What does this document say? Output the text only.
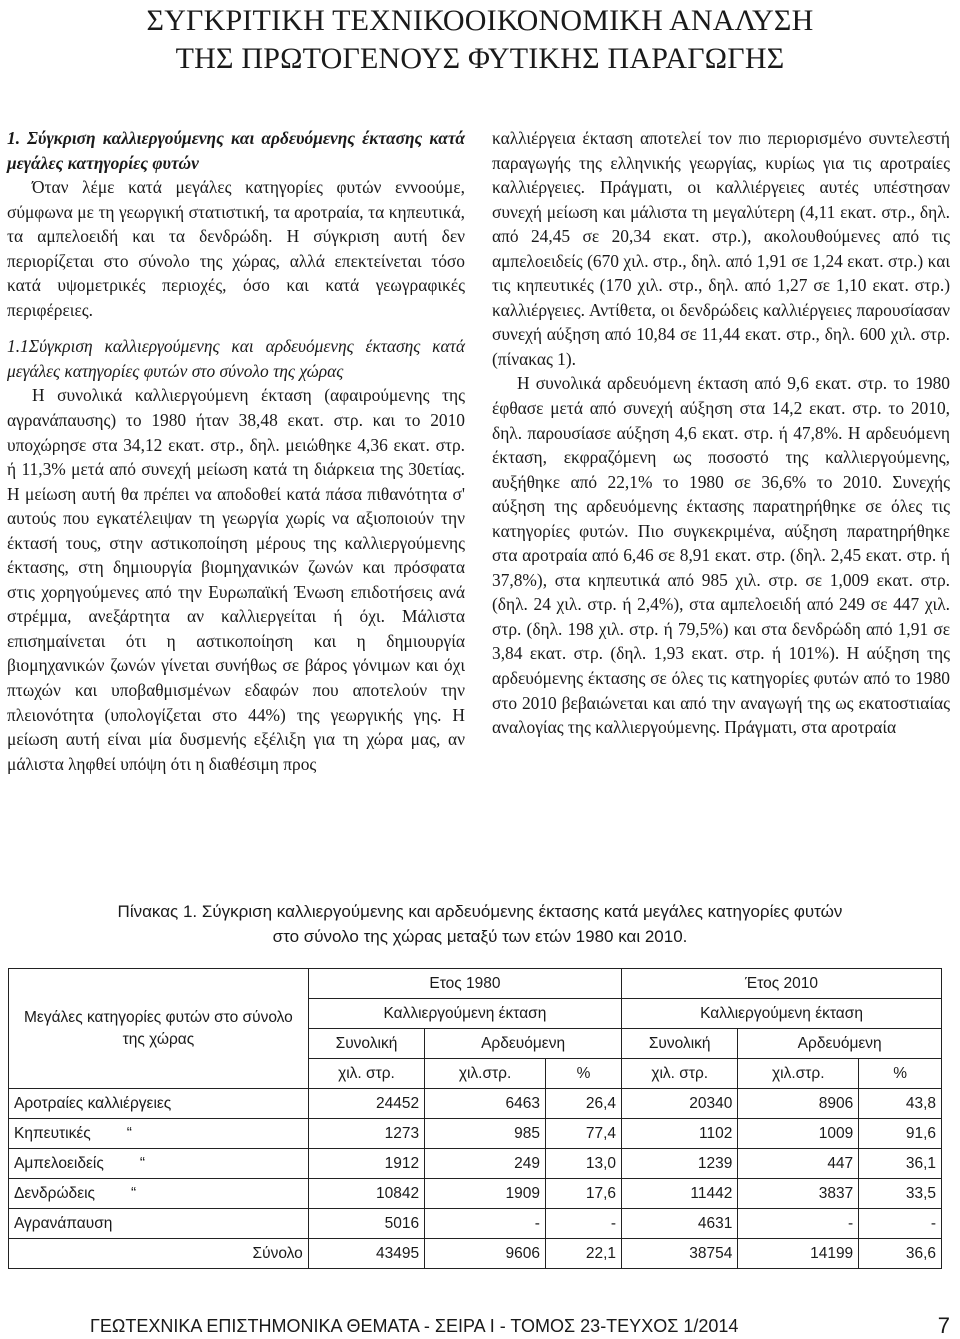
ΣΥΓΚΡΙΤΙΚΗ ΤΕΧΝΙΚΟΟΙΚΟΝΟΜΙΚΗ ΑΝΑΛΥΣΗ
ΤΗΣ ΠΡΩΤΟΓΕΝΟΥΣ ΦΥΤΙΚΗΣ ΠΑΡΑΓΩΓΗΣ

1. Σύγκριση καλλιεργούμενης και αρδευόμενης έκτασης κατά μεγάλες κατηγορίες φυτών

Όταν λέμε κατά μεγάλες κατηγορίες φυτών εννοούμε, σύμφωνα με τη γεωργική στατιστική, τα αροτραία, τα κηπευτικά, τα αμπελοειδή και τα δενδρώδη. Η σύγκριση αυτή δεν περιορίζεται στο σύνολο της χώρας, αλλά επεκτείνεται τόσο κατά υψομετρικές περιοχές, όσο και κατά γεωγραφικές περιφέρειες.

1.1Σύγκριση καλλιεργούμενης και αρδευόμενης έκτασης κατά μεγάλες κατηγορίες φυτών στο σύνολο της χώρας

Η συνολικά καλλιεργούμενη έκταση (αφαιρούμενης της αγρανάπαυσης) το 1980 ήταν 38,48 εκατ. στρ. και το 2010 υποχώρησε στα 34,12 εκατ. στρ., δηλ. μειώθηκε 4,36 εκατ. στρ. ή 11,3% μετά από συνεχή μείωση κατά τη διάρκεια της 30ετίας. Η μείωση αυτή θα πρέπει να αποδοθεί κατά πάσα πιθανότητα σ' αυτούς που εγκατέλειψαν τη γεωργία χωρίς να αξιοποιούν την έκτασή τους, στην αστικοποίηση μέρους της καλλιεργούμενης έκτασης, στη δημιουργία βιομηχανικών ζωνών και πρόσφατα στις χορηγούμενες από την Ευρωπαϊκή Ένωση επιδοτήσεις ανά στρέμμα, ανεξάρτητα αν καλλιεργείται ή όχι. Μάλιστα επισημαίνεται ότι η αστικοποίηση και η δημιουργία βιομηχανικών ζωνών γίνεται συνήθως σε βάρος γόνιμων και όχι πτωχών και υποβαθμισμένων εδαφών που αποτελούν την πλειονότητα (υπολογίζεται στο 44%) της γεωργικής γης. Η μείωση αυτή είναι μία δυσμενής εξέλιξη για τη χώρα μας, αν μάλιστα ληφθεί υπόψη ότι η διαθέσιμη προς

καλλιέργεια έκταση αποτελεί τον πιο περιορισμένο συντελεστή παραγωγής της ελληνικής γεωργίας, κυρίως για τις αροτραίες καλλιέργειες. Πράγματι, οι καλλιέργειες αυτές υπέστησαν συνεχή μείωση και μάλιστα τη μεγαλύτερη (4,11 εκατ. στρ., δηλ. από 24,45 σε 20,34 εκατ. στρ.), ακολουθούμενες από τις αμπελοειδείς (670 χιλ. στρ., δηλ. από 1,91 σε 1,24 εκατ. στρ.) και τις κηπευτικές (170 χιλ. στρ., δηλ. από 1,27 σε 1,10 εκατ. στρ.) καλλιέργειες. Αντίθετα, οι δενδρώδεις καλλιέργειες παρουσίασαν συνεχή αύξηση από 10,84 σε 11,44 εκατ. στρ., δηλ. 600 χιλ. στρ. (πίνακας 1).

Η συνολικά αρδευόμενη έκταση από 9,6 εκατ. στρ. το 1980 έφθασε μετά από συνεχή αύξηση στα 14,2 εκατ. στρ. το 2010, δηλ. παρουσίασε αύξηση 4,6 εκατ. στρ. ή 47,8%. Η αρδευόμενη έκταση, εκφραζόμενη ως ποσοστό της καλλιεργούμενης, αυξήθηκε από 22,1% το 1980 σε 36,6% το 2010. Συνεχής αύξηση της αρδευόμενης έκτασης παρατηρήθηκε σε όλες τις κατηγορίες φυτών. Πιο συγκεκριμένα, αύξηση παρατηρήθηκε στα αροτραία από 6,46 σε 8,91 εκατ. στρ. (δηλ. 2,45 εκατ. στρ. ή 37,8%), στα κηπευτικά από 985 χιλ. στρ. σε 1,009 εκατ. στρ. (δηλ. 24 χιλ. στρ. ή 2,4%), στα αμπελοειδή από 249 σε 447 χιλ. στρ. (δηλ. 198 χιλ. στρ. ή 79,5%) και στα δενδρώδη από 1,91 σε 3,84 εκατ. στρ. (δηλ. 1,93 εκατ. στρ. ή 101%). Η αύξηση της αρδευόμενης έκτασης σε όλες τις κατηγορίες φυτών από το 1980 στο 2010 βεβαιώνεται και από την αναγωγή της ως εκατοστιαίας αναλογίας της καλλιεργούμενης. Πράγματι, στα αροτραία

Πίνακας 1. Σύγκριση καλλιεργούμενης και αρδευόμενης έκτασης κατά μεγάλες κατηγορίες φυτών
στο σύνολο της χώρας μεταξύ των ετών 1980 και 2010.
Μεγάλες κατηγορίες φυτών στο σύνολο της χώρας	Ετος 1980			Έτος 2010		
	Καλλιεργούμενη έκταση			Καλλιεργούμενη έκταση		
	Συνολική	Αρδευόμενη		Συνολική	Αρδευόμενη	
	χιλ. στρ.	χιλ.στρ.	%	χιλ. στρ.	χιλ.στρ.	%
Αροτραίες καλλιέργειες	24452	6463	26,4	20340	8906	43,8
Κηπευτικές “	1273	985	77,4	1102	1009	91,6
Αμπελοειδείς “	1912	249	13,0	1239	447	36,1
Δενδρώδεις “	10842	1909	17,6	11442	3837	33,5
Αγρανάπαυση	5016	-	-	4631	-	-
Σύνολο	43495	9606	22,1	38754	14199	36,6
ΓΕΩΤΕΧΝΙΚΑ ΕΠΙΣΤΗΜΟΝΙΚΑ ΘΕΜΑΤΑ - ΣΕΙΡΑ Ι - ΤΟΜΟΣ 23-ΤΕΥΧΟΣ 1/2014	7
